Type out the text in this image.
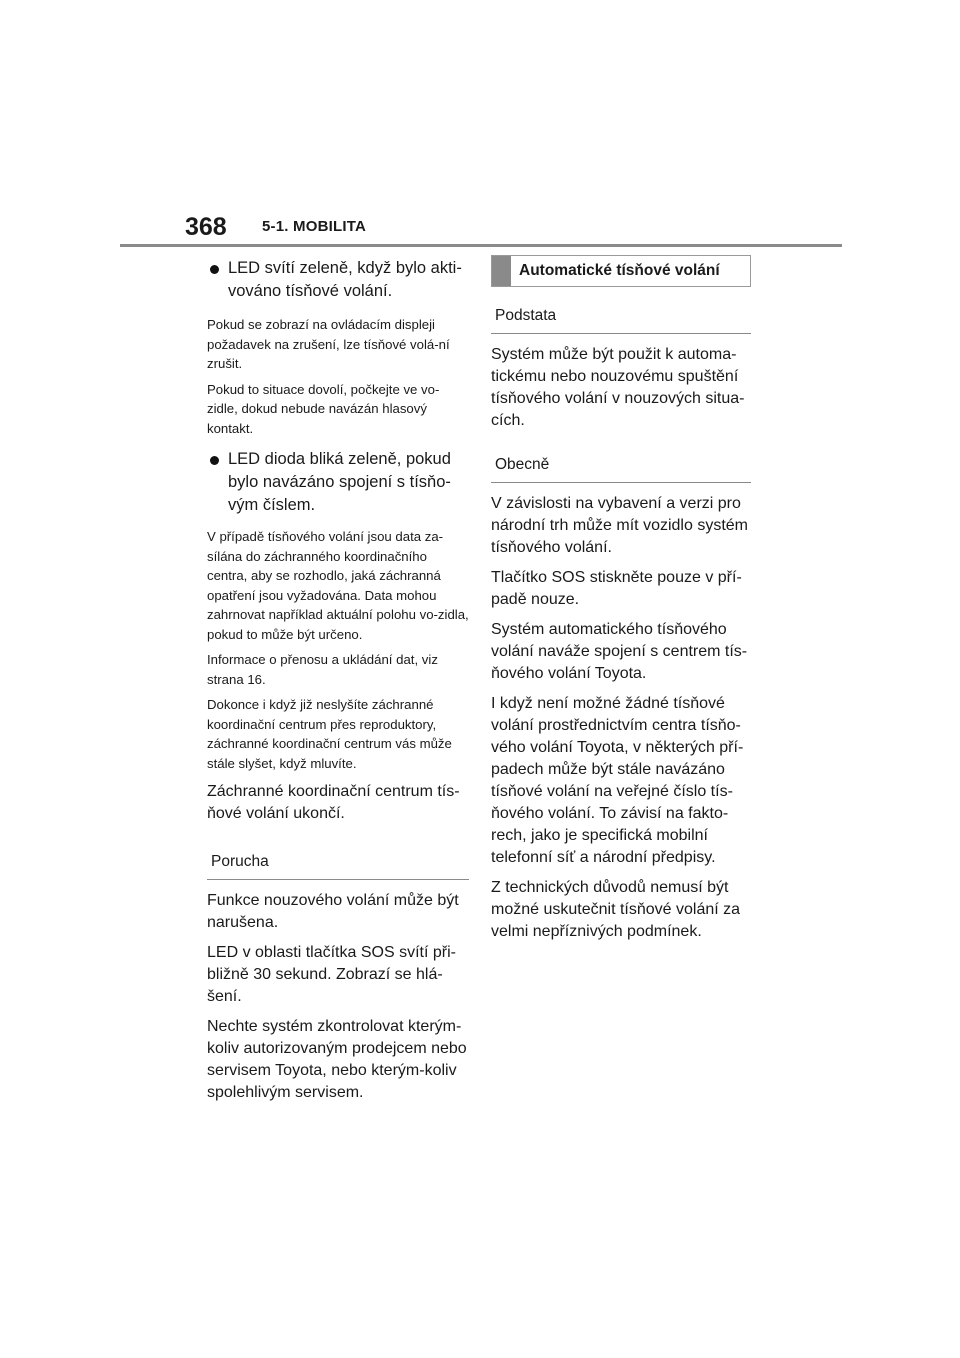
368 5-1. MOBILITA
LED svítí zeleně, když bylo akti-vováno tísňové volání.

Pokud se zobrazí na ovládacím displeji požadavek na zrušení, lze tísňové volá-ní zrušit.

Pokud to situace dovolí, počkejte ve vo-zidle, dokud nebude navázán hlasový kontakt.

LED dioda bliká zeleně, pokud bylo navázáno spojení s tísňo-vým číslem.

V případě tísňového volání jsou data za-sílána do záchranného koordinačního centra, aby se rozhodlo, jaká záchranná opatření jsou vyžadována. Data mohou zahrnovat například aktuální polohu vo-zidla, pokud to může být určeno.

Informace o přenosu a ukládání dat, viz strana 16.

Dokonce i když již neslyšíte záchranné koordinační centrum přes reproduktory, záchranné koordinační centrum vás může stále slyšet, když mluvíte.

Záchranné koordinační centrum tís-ňové volání ukončí.

Porucha

Funkce nouzového volání může být narušena.

LED v oblasti tlačítka SOS svítí při-bližně 30 sekund. Zobrazí se hlá-šení.

Nechte systém zkontrolovat kterým-koliv autorizovaným prodejcem nebo servisem Toyota, nebo kterým-koliv spolehlivým servisem.

Automatické tísňové volání
Podstata

Systém může být použit k automa-tickému nebo nouzovému spuštění tísňového volání v nouzových situa-cích.

Obecně

V závislosti na vybavení a verzi pro národní trh může mít vozidlo systém tísňového volání.

Tlačítko SOS stiskněte pouze v pří-padě nouze.

Systém automatického tísňového volání naváže spojení s centrem tís-ňového volání Toyota.

I když není možné žádné tísňové volání prostřednictvím centra tísňo-vého volání Toyota, v některých pří-padech může být stále navázáno tísňové volání na veřejné číslo tís-ňového volání. To závisí na fakto-rech, jako je specifická mobilní telefonní síť a národní předpisy.

Z technických důvodů nemusí být možné uskutečnit tísňové volání za velmi nepříznivých podmínek.
